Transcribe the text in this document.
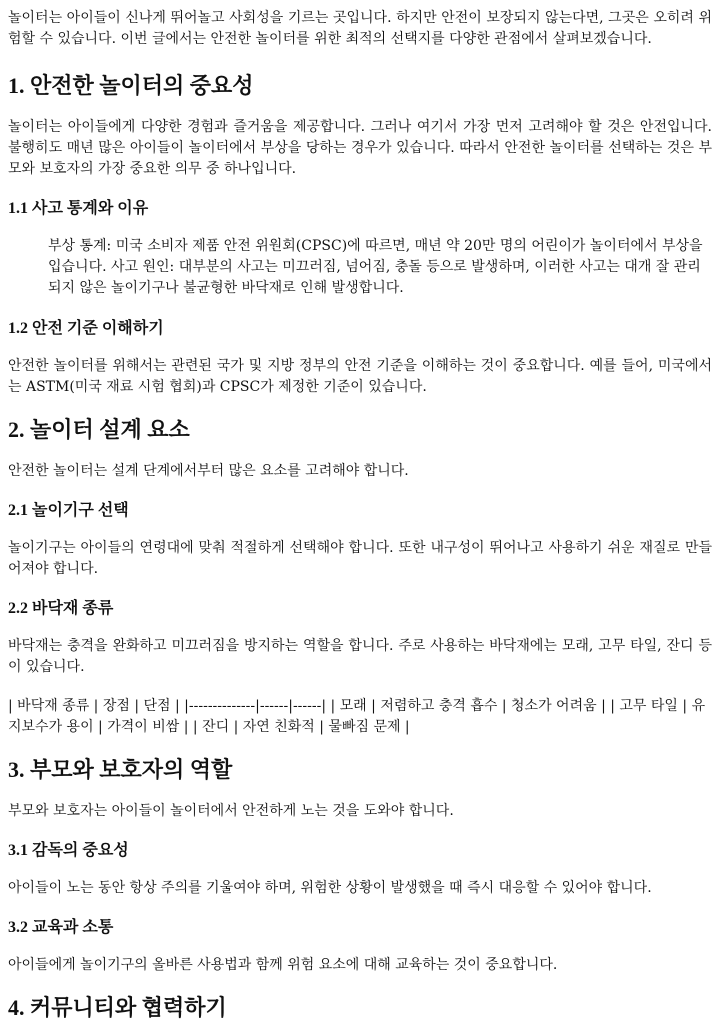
놀이터는 아이들이 신나게 뛰어놀고 사회성을 기르는 곳입니다. 하지만 안전이 보장되지 않는다면, 그곳은 오히려 위험할 수 있습니다. 이번 글에서는 안전한 놀이터를 위한 최적의 선택지를 다양한 관점에서 살펴보겠습니다.

1. 안전한 놀이터의 중요성

놀이터는 아이들에게 다양한 경험과 즐거움을 제공합니다. 그러나 여기서 가장 먼저 고려해야 할 것은 안전입니다. 불행히도 매년 많은 아이들이 놀이터에서 부상을 당하는 경우가 있습니다. 따라서 안전한 놀이터를 선택하는 것은 부모와 보호자의 가장 중요한 의무 중 하나입니다.

1.1 사고 통계와 이유

부상 통계: 미국 소비자 제품 안전 위원회(CPSC)에 따르면, 매년 약 20만 명의 어린이가 놀이터에서 부상을 입습니다. 사고 원인: 대부분의 사고는 미끄러짐, 넘어짐, 충돌 등으로 발생하며, 이러한 사고는 대개 잘 관리되지 않은 놀이기구나 불균형한 바닥재로 인해 발생합니다.

1.2 안전 기준 이해하기

안전한 놀이터를 위해서는 관련된 국가 및 지방 정부의 안전 기준을 이해하는 것이 중요합니다. 예를 들어, 미국에서는 ASTM(미국 재료 시험 협회)과 CPSC가 제정한 기준이 있습니다.

2. 놀이터 설계 요소

안전한 놀이터는 설계 단계에서부터 많은 요소를 고려해야 합니다.

2.1 놀이기구 선택

놀이기구는 아이들의 연령대에 맞춰 적절하게 선택해야 합니다. 또한 내구성이 뛰어나고 사용하기 쉬운 재질로 만들어져야 합니다.

2.2 바닥재 종류

바닥재는 충격을 완화하고 미끄러짐을 방지하는 역할을 합니다. 주로 사용하는 바닥재에는 모래, 고무 타일, 잔디 등이 있습니다.

| 바닥재 종류 | 장점 | 단점 | |--------------|------|------| | 모래 | 저렴하고 충격 흡수 | 청소가 어려움 | | 고무 타일 | 유지보수가 용이 | 가격이 비쌈 | | 잔디 | 자연 친화적 | 물빠짐 문제 |

3. 부모와 보호자의 역할

부모와 보호자는 아이들이 놀이터에서 안전하게 노는 것을 도와야 합니다.

3.1 감독의 중요성

아이들이 노는 동안 항상 주의를 기울여야 하며, 위험한 상황이 발생했을 때 즉시 대응할 수 있어야 합니다.

3.2 교육과 소통

아이들에게 놀이기구의 올바른 사용법과 함께 위험 요소에 대해 교육하는 것이 중요합니다.

4. 커뮤니티와 협력하기
